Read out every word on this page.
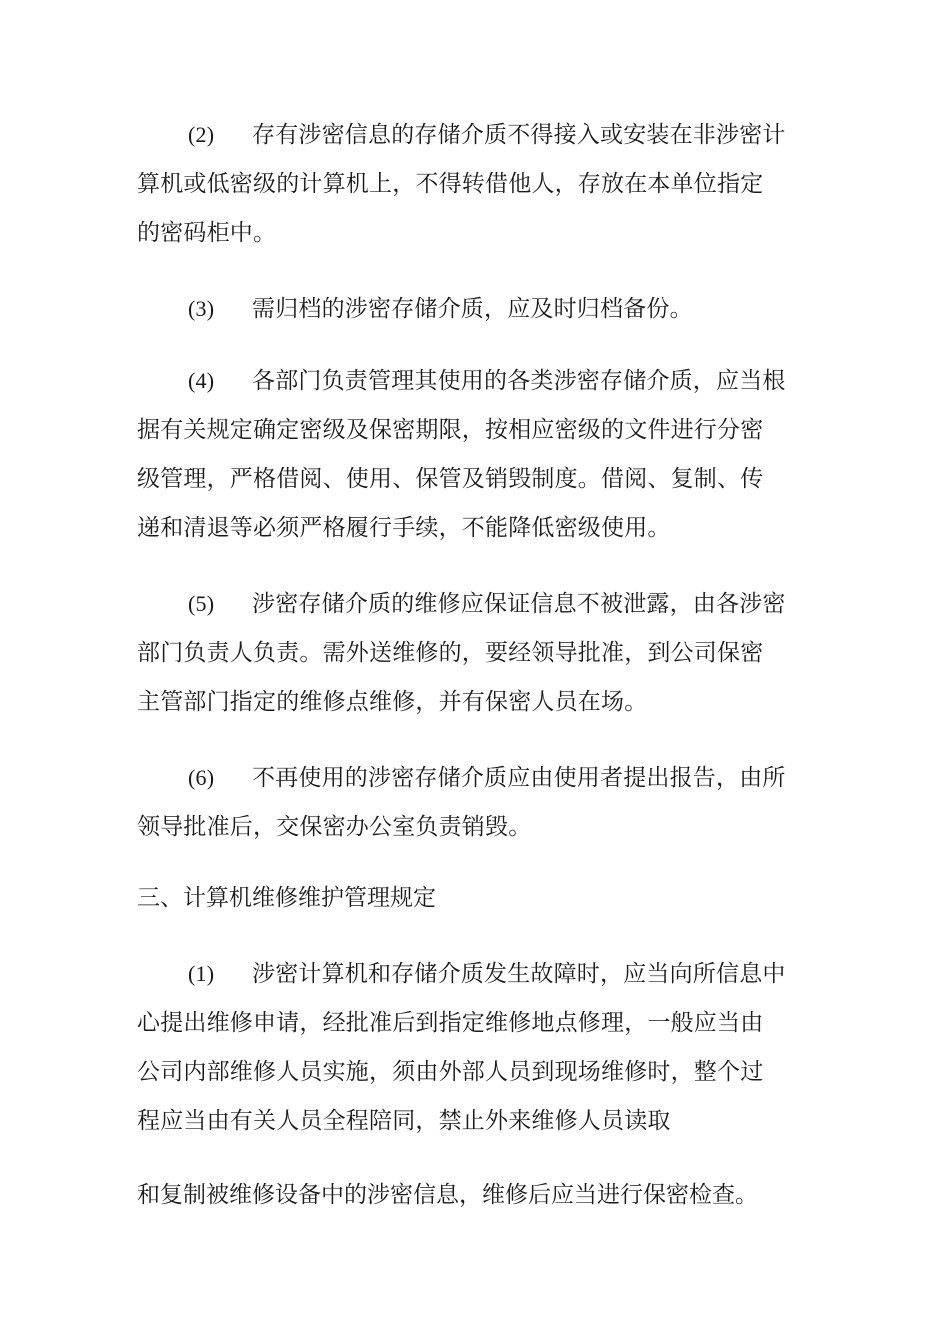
(2) 存有涉密信息的存储介质不得接入或安装在非涉密计
算机或低密级的计算机上，不得转借他人，存放在本单位指定
的密码柜中。
(3) 需归档的涉密存储介质，应及时归档备份。
(4) 各部门负责管理其使用的各类涉密存储介质，应当根
据有关规定确定密级及保密期限，按相应密级的文件进行分密
级管理，严格借阅、使用、保管及销毁制度。借阅、复制、传
递和清退等必须严格履行手续，不能降低密级使用。
(5) 涉密存储介质的维修应保证信息不被泄露，由各涉密
部门负责人负责。需外送维修的，要经领导批准，到公司保密
主管部门指定的维修点维修，并有保密人员在场。
(6) 不再使用的涉密存储介质应由使用者提出报告，由所
领导批准后，交保密办公室负责销毁。
三、计算机维修维护管理规定
(1) 涉密计算机和存储介质发生故障时，应当向所信息中
心提出维修申请，经批准后到指定维修地点修理，一般应当由
公司内部维修人员实施，须由外部人员到现场维修时，整个过
程应当由有关人员全程陪同，禁止外来维修人员读取
和复制被维修设备中的涉密信息，维修后应当进行保密检查。
